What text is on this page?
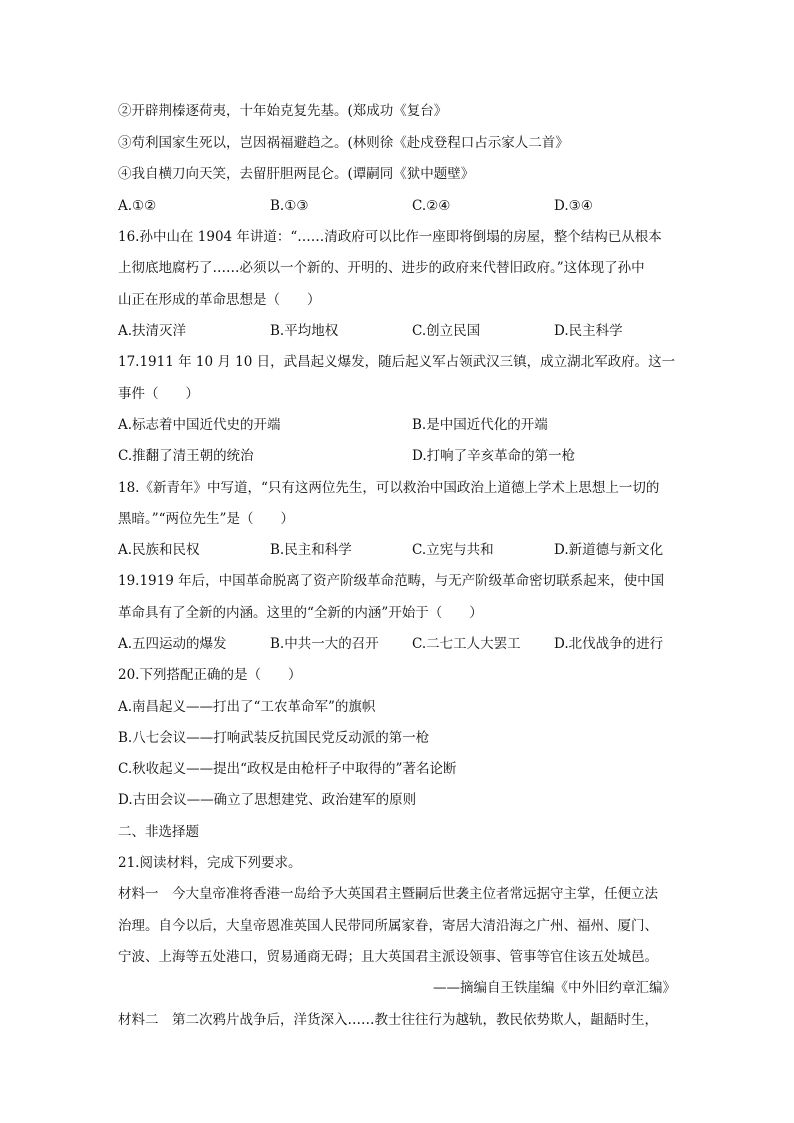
②开辟荆榛逐荷夷，十年始克复先基。(郑成功《复台》
③苟利国家生死以，岂因祸福避趋之。(林则徐《赴戍登程口占示家人二首》
④我自横刀向天笑，去留肝胆两昆仑。(谭嗣同《狱中题壁》
A.①②	B.①③	C.②④	D.③④
16.孙中山在 1904 年讲道：“……清政府可以比作一座即将倒塌的房屋，整个结构已从根本
上彻底地腐朽了……必须以一个新的、开明的、进步的政府来代替旧政府。”这体现了孙中
山正在形成的革命思想是（　　）
A.扶清灭洋	B.平均地权	C.创立民国	D.民主科学
17.1911 年 10 月 10 日，武昌起义爆发，随后起义军占领武汉三镇，成立湖北军政府。这一
事件（　　）
A.标志着中国近代史的开端	B.是中国近代化的开端
C.推翻了清王朝的统治	D.打响了辛亥革命的第一枪
18.《新青年》中写道，“只有这两位先生，可以救治中国政治上道德上学术上思想上一切的
黑暗。”“两位先生”是（　　）
A.民族和民权	B.民主和科学	C.立宪与共和	D.新道德与新文化
19.1919 年后，中国革命脱离了资产阶级革命范畴，与无产阶级革命密切联系起来，使中国
革命具有了全新的内涵。这里的“全新的内涵”开始于（　　）
A.五四运动的爆发	B.中共一大的召开 C.二七工人大罢工 D.北伐战争的进行
20.下列搭配正确的是（　　）
A.南昌起义——打出了“工农革命军”的旗帜
B.八七会议——打响武装反抗国民党反动派的第一枪
C.秋收起义——提出“政权是由枪杆子中取得的”著名论断
D.古田会议——确立了思想建党、政治建军的原则
二、非选择题
21.阅读材料，完成下列要求。
材料一　今大皇帝准将香港一岛给予大英国君主暨嗣后世袭主位者常远据守主掌，任便立法
治理。自今以后，大皇帝恩准英国人民带同所属家眷，寄居大清沿海之广州、福州、厦门、
宁波、上海等五处港口，贸易通商无碍；且大英国君主派设领事、管事等官住该五处城邑。
——摘编自王铁崖编《中外旧约章汇编》
材料二　第二次鸦片战争后，洋货深入……教士往往行为越轨，教民依势欺人，龃龉时生，
